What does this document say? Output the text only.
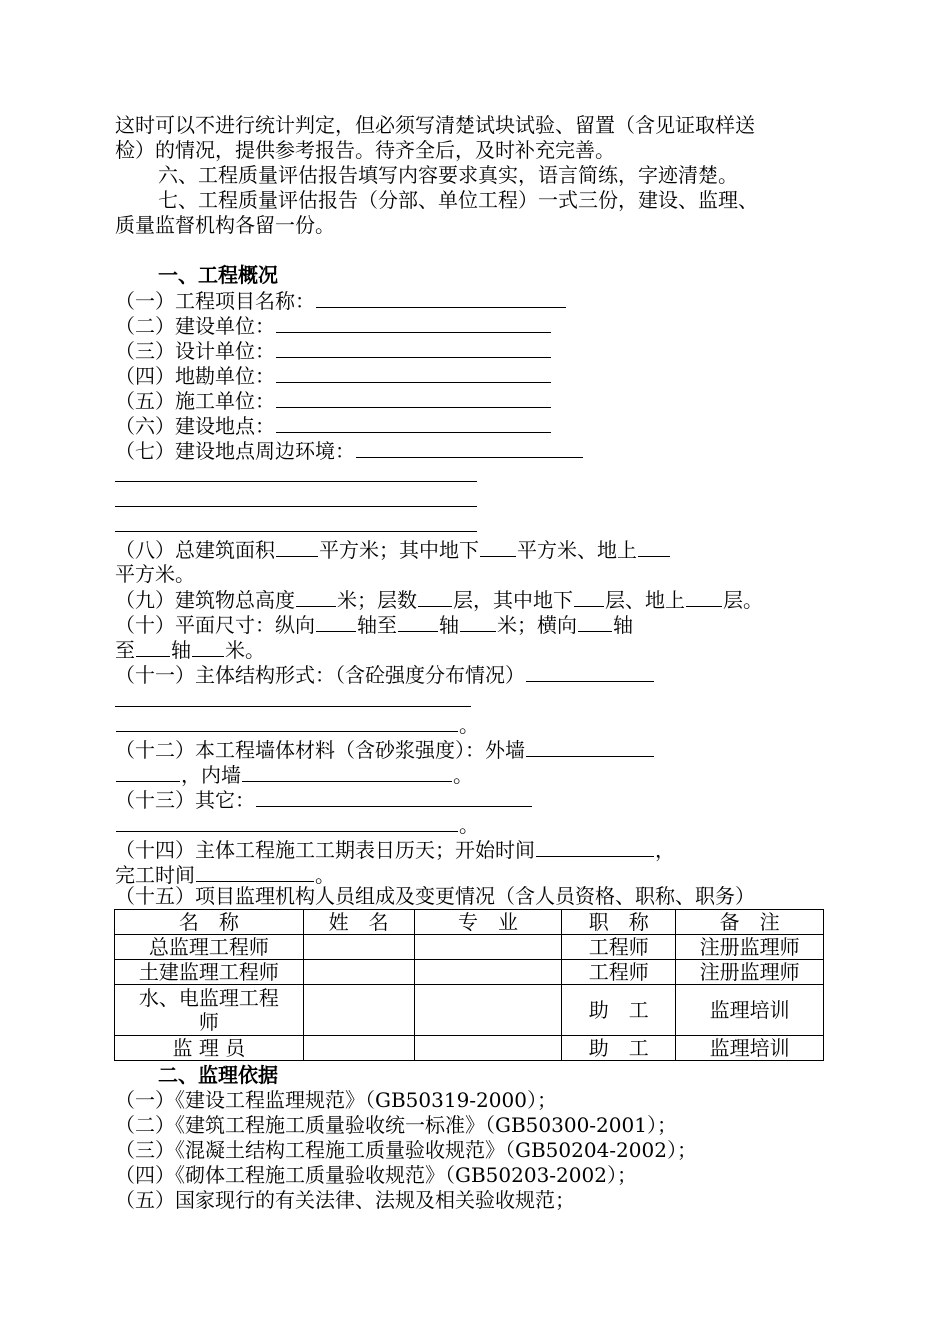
这时可以不进行统计判定，但必须写清楚试块试验、留置（含见证取样送
检）的情况，提供参考报告。待齐全后，及时补充完善。
六、工程质量评估报告填写内容要求真实，语言简练，字迹清楚。
七、工程质量评估报告（分部、单位工程）一式三份，建设、监理、
质量监督机构各留一份。
一、工程概况
（一）工程项目名称：
（二）建设单位：
（三）设计单位：
（四）地勘单位：
（五）施工单位：
（六）建设地点：
（七）建设地点周边环境：
（八）总建筑面积 平方米；其中地下 平方米、地上
平方米。
（九）建筑物总高度 米；层数 层，其中地下 层、地上 层。
（十）平面尺寸：纵向 轴至 轴 米；横向 轴
至 轴 米。
（十一）主体结构形式：（含砼强度分布情况）
。
（十二）本工程墙体材料（含砂浆强度）：外墙
，内墙	。
（十三）其它：
。
（十四）主体工程施工工期表日历天；开始时间	，
完工时间	。
（十五）项目监理机构人员组成及变更情况（含人员资格、职称、职务）
名　称	姓　名	专　业	职　称	备　注
总监理工程师			工程师	注册监理师
土建监理工程师			工程师	注册监理师
水、电监理工程师			助　工	监理培训
监 理 员			助　工	监理培训
二、监理依据
（一）《建设工程监理规范》（GB50319-2000）；
（二）《建筑工程施工质量验收统一标准》（GB50300-2001）；
（三）《混凝土结构工程施工质量验收规范》（GB50204-2002）；
（四）《砌体工程施工质量验收规范》（GB50203-2002）；
（五）国家现行的有关法律、法规及相关验收规范；
